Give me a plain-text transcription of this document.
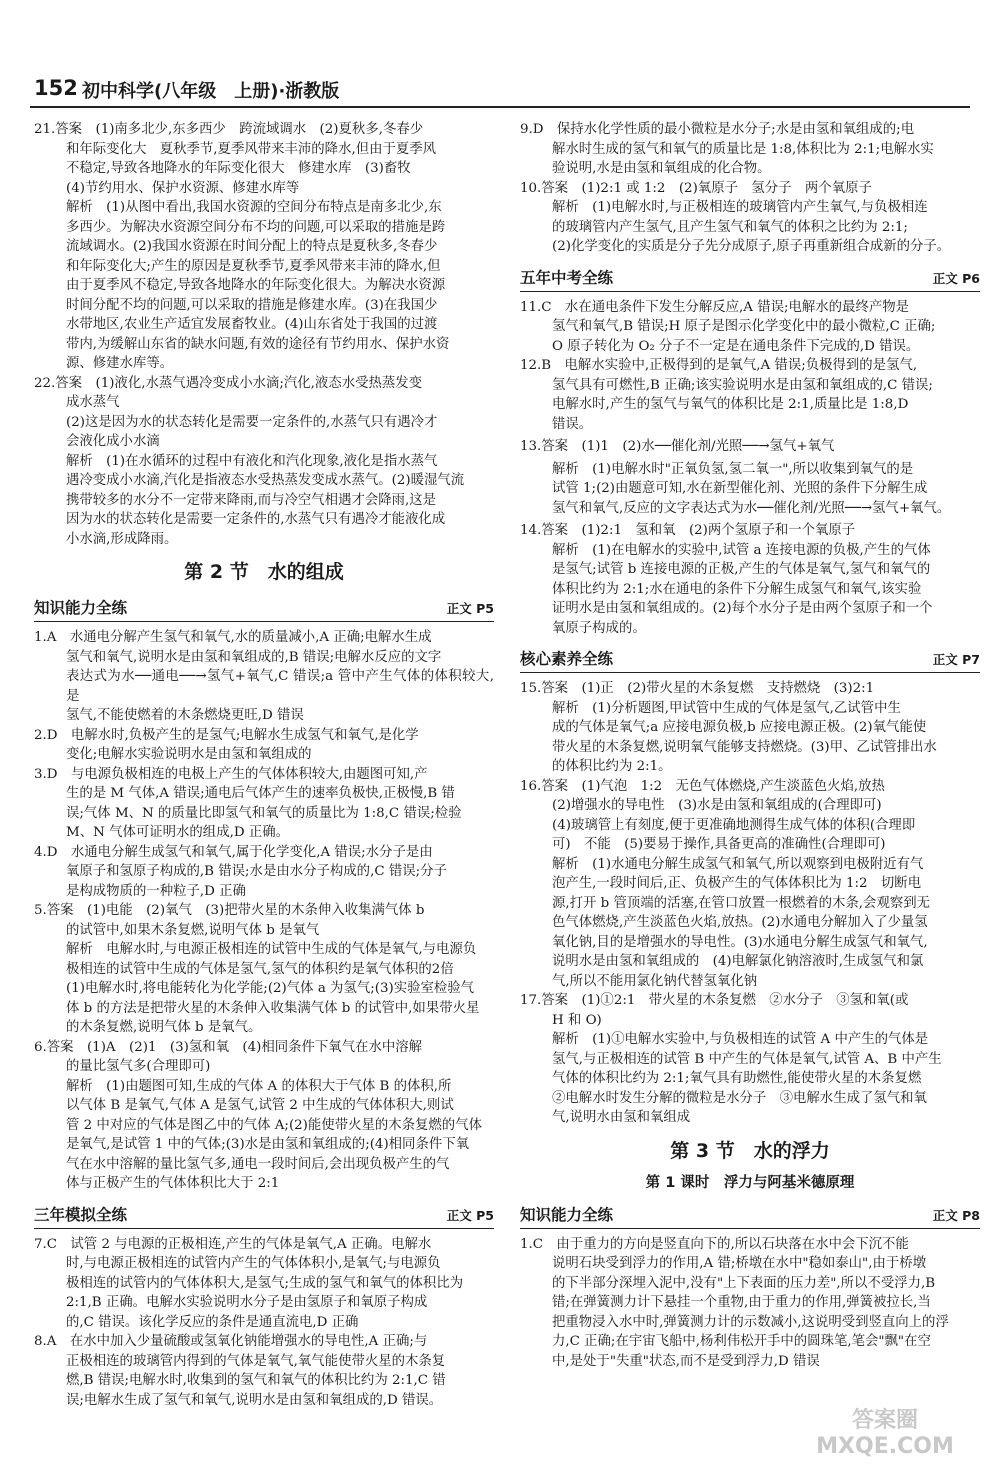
152 初中科学(八年级　上册)·浙教版

21.答案　(1)南多北少,东多西少　跨流域调水　(2)夏秋多,冬春少

和年际变化大　夏秋季节,夏季风带来丰沛的降水,但由于夏季风

不稳定,导致各地降水的年际变化很大　修建水库　(3)畜牧

(4)节约用水、保护水资源、修建水库等

解析　(1)从图中看出,我国水资源的空间分布特点是南多北少,东

多西少。为解决水资源空间分布不均的问题,可以采取的措施是跨

流域调水。(2)我国水资源在时间分配上的特点是夏秋多,冬春少

和年际变化大;产生的原因是夏秋季节,夏季风带来丰沛的降水,但

由于夏季风不稳定,导致各地降水的年际变化很大。为解决水资源

时间分配不均的问题,可以采取的措施是修建水库。(3)在我国少

水带地区,农业生产适宜发展畜牧业。(4)山东省处于我国的过渡

带内,为缓解山东省的缺水问题,有效的途径有节约用水、保护水资

源、修建水库等。

22.答案　(1)液化,水蒸气遇冷变成小水滴;汽化,液态水受热蒸发变

成水蒸气

(2)这是因为水的状态转化是需要一定条件的,水蒸气只有遇冷才

会液化成小水滴

解析　(1)在水循环的过程中有液化和汽化现象,液化是指水蒸气

遇冷变成小水滴,汽化是指液态水受热蒸发变成水蒸气。(2)暖湿气流

携带较多的水分不一定带来降雨,而与冷空气相遇才会降雨,这是

因为水的状态转化是需要一定条件的,水蒸气只有遇冷才能液化成

小水滴,形成降雨。

第 2 节　水的组成
知识能力全练	正文 P5

1.A　水通电分解产生氢气和氧气,水的质量减小,A 正确;电解水生成

氢气和氧气,说明水是由氢和氧组成的,B 错误;电解水反应的文字

表达式为水──通电──→氢气+氧气,C 错误;a 管中产生气体的体积较大,是

氢气,不能使燃着的木条燃烧更旺,D 错误

2.D　电解水时,负极产生的是氢气;电解水生成氢气和氧气,是化学

变化;电解水实验说明水是由氢和氧组成的

3.D　与电源负极相连的电极上产生的气体体积较大,由题图可知,产

生的是 M 气体,A 错误;通电后气体产生的速率负极快,正极慢,B 错

误;气体 M、N 的质量比即氢气和氧气的质量比为 1:8,C 错误;检验

M、N 气体可证明水的组成,D 正确。

4.D　水通电分解生成氢气和氧气,属于化学变化,A 错误;水分子是由

氧原子和氢原子构成的,B 错误;水是由水分子构成的,C 错误;分子

是构成物质的一种粒子,D 正确

5.答案　(1)电能　(2)氧气　(3)把带火星的木条伸入收集满气体 b

的试管中,如果木条复燃,说明气体 b 是氧气

解析　电解水时,与电源正极相连的试管中生成的气体是氧气,与电源负

极相连的试管中生成的气体是氢气,氢气的体积约是氧气体积的2倍

(1)电解水时,将电能转化为化学能;(2)气体 a 为氢气;(3)实验室检验气

体 b 的方法是把带火星的木条伸入收集满气体 b 的试管中,如果带火星

的木条复燃,说明气体 b 是氧气。

6.答案　(1)A　(2)1　(3)氢和氧　(4)相同条件下氧气在水中溶解

的量比氢气多(合理即可)

解析　(1)由题图可知,生成的气体 A 的体积大于气体 B 的体积,所

以气体 B 是氧气,气体 A 是氢气,试管 2 中生成的气体体积大,则试

管 2 中对应的气体是图乙中的气体 A;(2)能使带火星的木条复燃的气体

是氧气,是试管 1 中的气体;(3)水是由氢和氧组成的;(4)相同条件下氧

气在水中溶解的量比氢气多,通电一段时间后,会出现负极产生的气

体与正极产生的气体体积比大于 2:1

三年模拟全练	正文 P5

7.C　试管 2 与电源的正极相连,产生的气体是氧气,A 正确。电解水

时,与电源正极相连的试管内产生的气体体积小,是氧气;与电源负

极相连的试管内的气体体积大,是氢气;生成的氢气和氧气的体积比为

2:1,B 正确。电解水实验说明水分子是由氢原子和氧原子构成

的,C 错误。该化学反应的条件是通直流电,D 正确

8.A　在水中加入少量硫酸或氢氧化钠能增强水的导电性,A 正确;与

正极相连的玻璃管内得到的气体是氧气,氧气能使带火星的木条复

燃,B 错误;电解水时,收集到的氢气和氧气的体积比约为 2:1,C 错

误;电解水生成了氢气和氧气,说明水是由氢和氧组成的,D 错误。

9.D　保持水化学性质的最小微粒是水分子;水是由氢和氧组成的;电

解水时生成的氢气和氧气的质量比是 1:8,体积比为 2:1;电解水实

验说明,水是由氢和氧组成的化合物。

10.答案　(1)2:1 或 1:2　(2)氧原子　氢分子　两个氧原子

解析　(1)电解水时,与正极相连的玻璃管内产生氧气,与负极相连

的玻璃管内产生氢气,且产生氢气和氧气的体积之比约为 2:1;

(2)化学变化的实质是分子先分成原子,原子再重新组合成新的分子。

五年中考全练	正文 P6

11.C　水在通电条件下发生分解反应,A 错误;电解水的最终产物是

氢气和氧气,B 错误;H 原子是图示化学变化中的最小微粒,C 正确;

O 原子转化为 O₂ 分子不一定是在通电条件下完成的,D 错误。

12.B　电解水实验中,正极得到的是氧气,A 错误;负极得到的是氢气,

氢气具有可燃性,B 正确;该实验说明水是由氢和氧组成的,C 错误;

电解水时,产生的氢气与氧气的体积比是 2:1,质量比是 1:8,D

错误。

13.答案　(1)1　(2)水──催化剂/光照──→氢气+氧气

解析　(1)电解水时"正氧负氢,氢二氧一",所以收集到氧气的是

试管 1;(2)由题意可知,水在新型催化剂、光照的条件下分解生成

氢气和氧气,反应的文字表达式为水──催化剂/光照──→氢气+氧气。

14.答案　(1)2:1　氢和氧　(2)两个氢原子和一个氧原子

解析　(1)在电解水的实验中,试管 a 连接电源的负极,产生的气体

是氢气;试管 b 连接电源的正极,产生的气体是氧气,氢气和氧气的

体积比约为 2:1;水在通电的条件下分解生成氢气和氧气,该实验

证明水是由氢和氧组成的。(2)每个水分子是由两个氢原子和一个

氧原子构成的。

核心素养全练	正文 P7

15.答案　(1)正　(2)带火星的木条复燃　支持燃烧　(3)2:1

解析　(1)分析题图,甲试管中生成的气体是氢气,乙试管中生

成的气体是氧气;a 应接电源负极,b 应接电源正极。(2)氧气能使

带火星的木条复燃,说明氧气能够支持燃烧。(3)甲、乙试管排出水

的体积比约为 2:1。

16.答案　(1)气泡　1:2　无色气体燃烧,产生淡蓝色火焰,放热

(2)增强水的导电性　(3)水是由氢和氧组成的(合理即可)

(4)玻璃管上有刻度,便于更准确地测得生成气体的体积(合理即

可)　不能　(5)要易于操作,具备更高的准确性(合理即可)

解析　(1)水通电分解生成氢气和氧气,所以观察到电极附近有气

泡产生,一段时间后,正、负极产生的气体体积比为 1:2　切断电

源,打开 b 管顶端的活塞,在管口放置一根燃着的木条,会观察到无

色气体燃烧,产生淡蓝色火焰,放热。(2)水通电分解加入了少量氢

氧化钠,目的是增强水的导电性。(3)水通电分解生成氢气和氧气,

说明水是由氢和氧组成的　(4)电解氯化钠溶液时,生成氢气和氯

气,所以不能用氯化钠代替氢氧化钠

17.答案　(1)①2:1　带火星的木条复燃　②水分子　③氢和氧(或

H 和 O)

解析　(1)①电解水实验中,与负极相连的试管 A 中产生的气体是

氢气,与正极相连的试管 B 中产生的气体是氧气,试管 A、B 中产生

气体的体积比约为 2:1;氧气具有助燃性,能使带火星的木条复燃

②电解水时发生分解的微粒是水分子　③电解水生成了氢气和氧

气,说明水由氢和氧组成

第 3 节　水的浮力
第 1 课时　浮力与阿基米德原理
知识能力全练	正文 P8

1.C　由于重力的方向是竖直向下的,所以石块落在水中会下沉不能

说明石块受到浮力的作用,A 错;桥墩在水中"稳如泰山",由于桥墩

的下半部分深埋入泥中,没有"上下表面的压力差",所以不受浮力,B

错;在弹簧测力计下悬挂一个重物,由于重力的作用,弹簧被拉长,当

把重物浸入水中时,弹簧测力计的示数减小,这说明受到竖直向上的浮

力,C 正确;在宇宙飞船中,杨利伟松开手中的圆珠笔,笔会"飘"在空

中,是处于"失重"状态,而不是受到浮力,D 错误

答案圈
MXQE.COM
